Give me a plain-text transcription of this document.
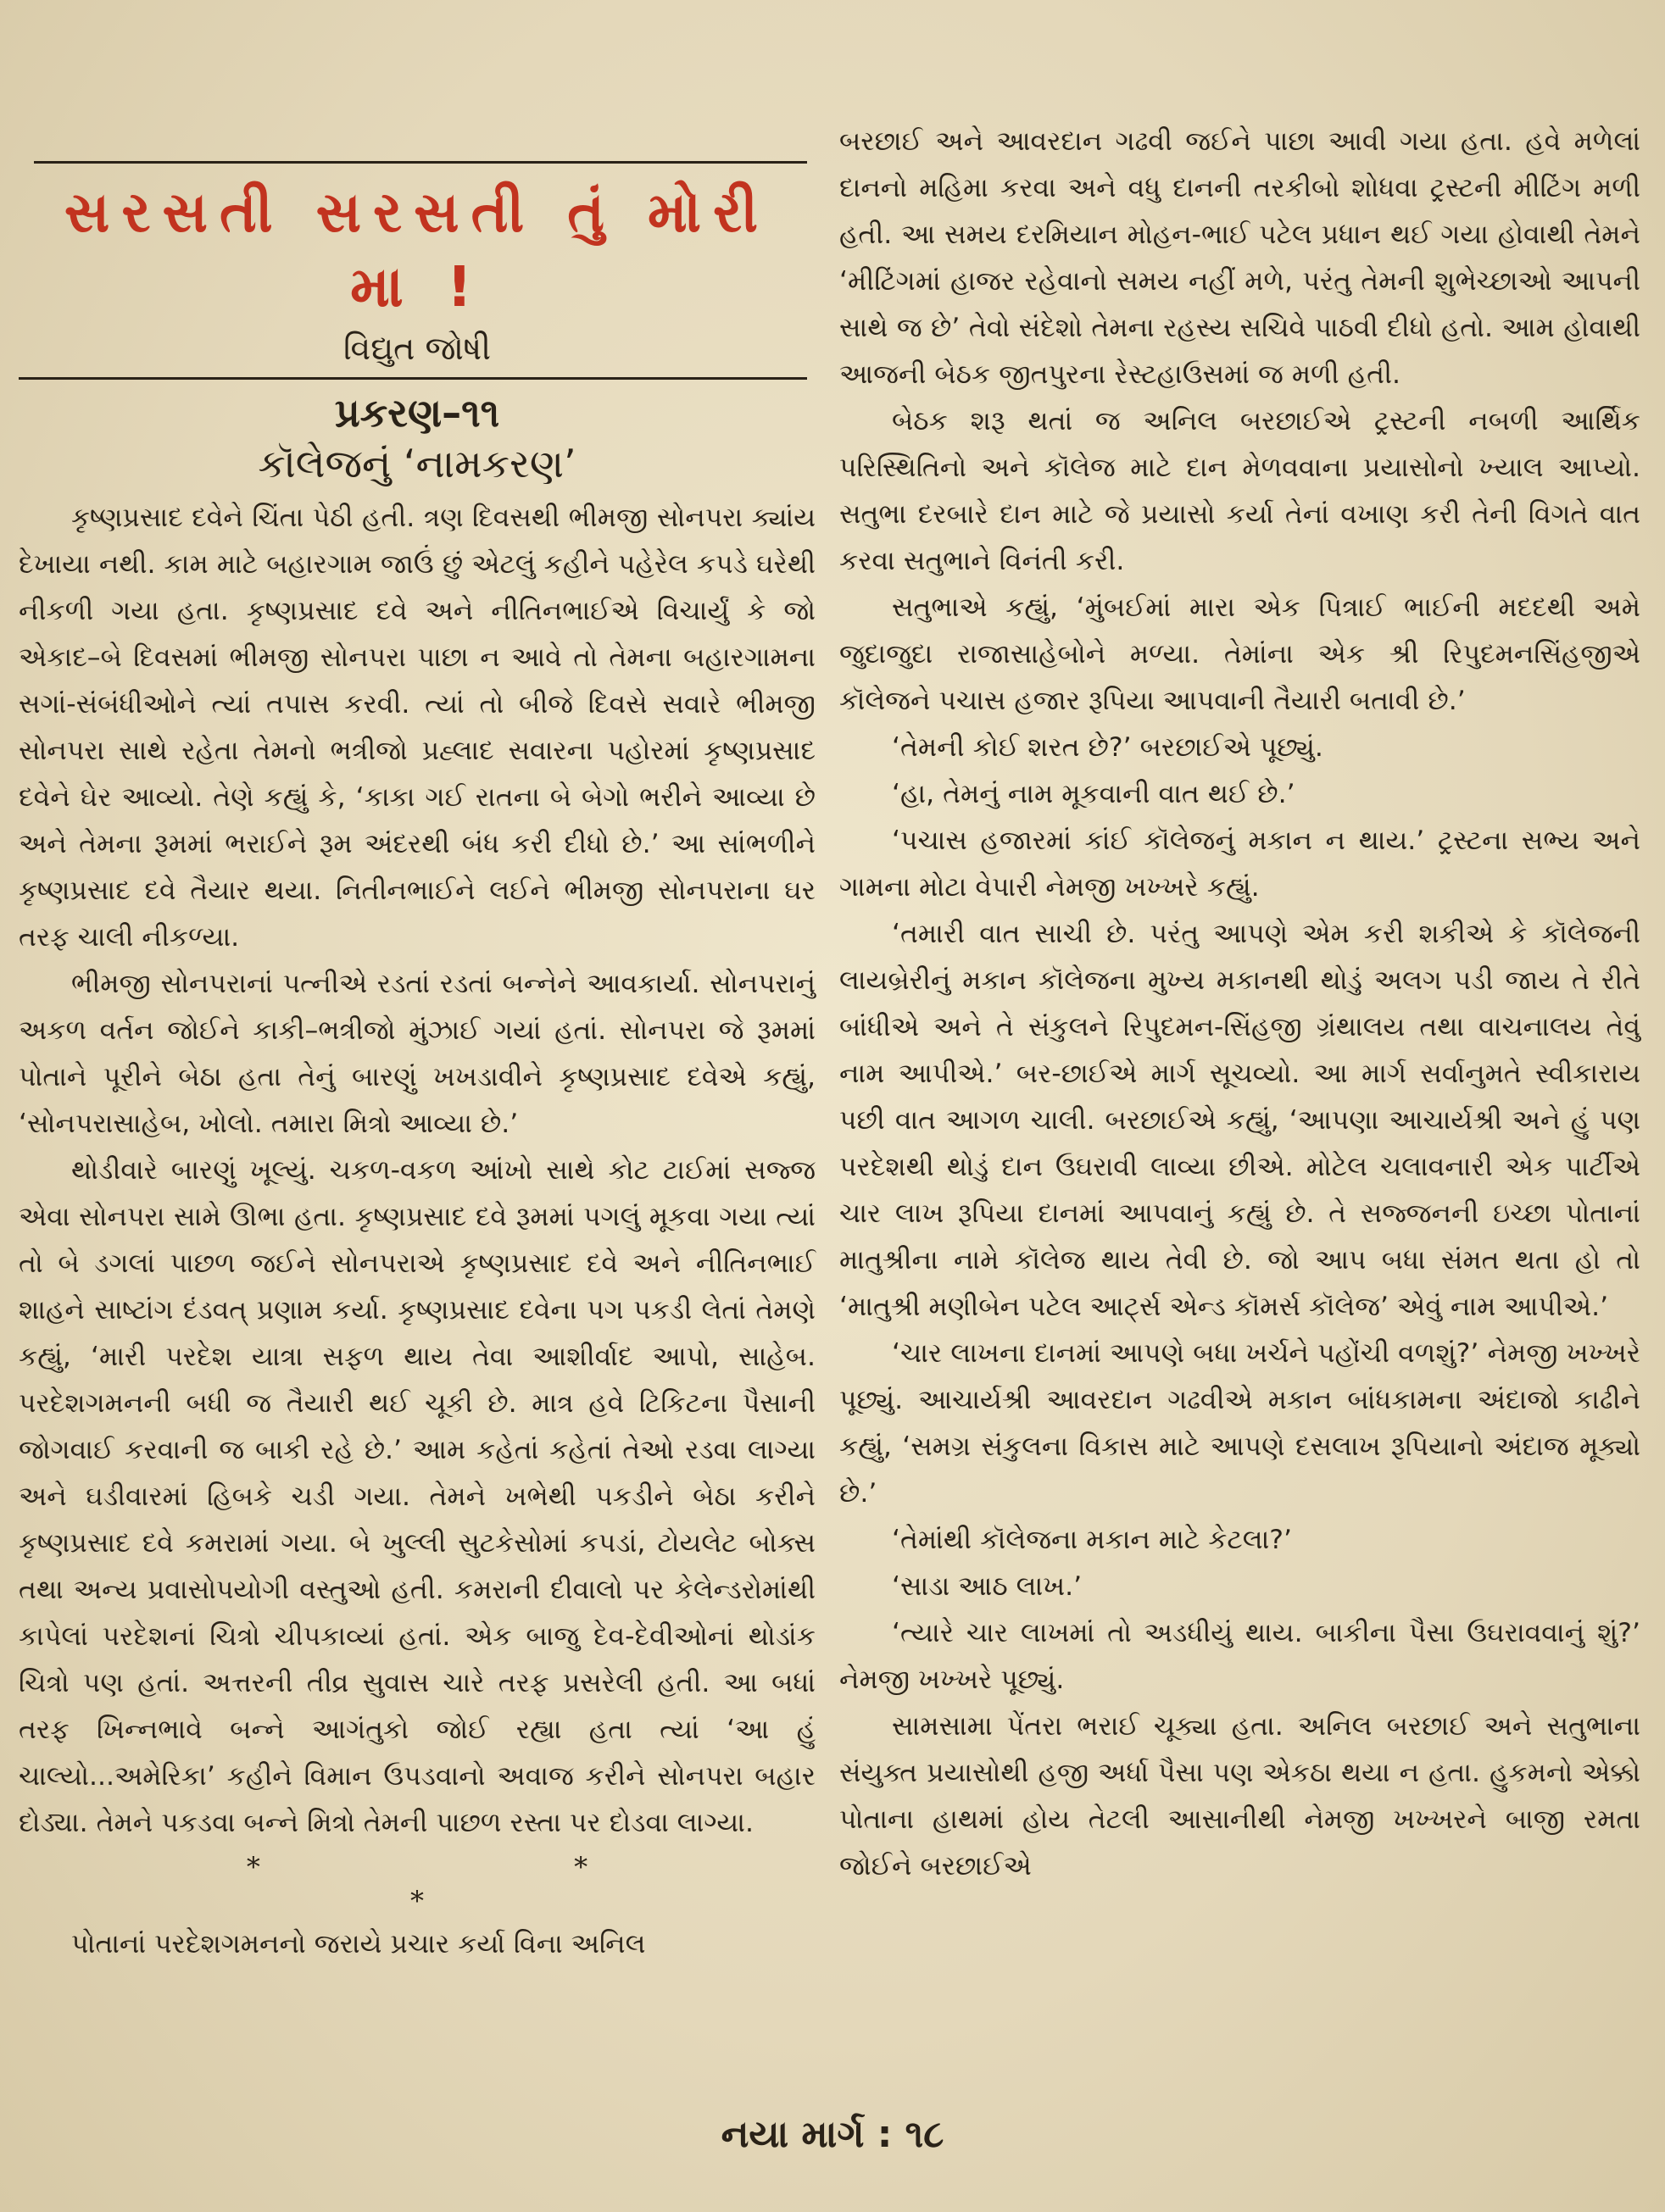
સરસતી સરસતી તું મોરી મા !
વિદ્યુત જોષી
પ્રકરણ–૧૧
કૉલેજનું ‘નામકરણ’

કૃષ્ણપ્રસાદ દવેને ચિંતા પેઠી હતી. ત્રણ દિવસથી ભીમજી સોનપરા ક્યાંય દેખાયા નથી. કામ માટે બહારગામ જાઉં છું એટલું કહીને પહેરેલ કપડે ઘરેથી નીકળી ગયા હતા. કૃષ્ણપ્રસાદ દવે અને નીતિનભાઈએ વિચાર્યું કે જો એકાદ–બે દિવસમાં ભીમજી સોનપરા પાછા ન આવે તો તેમના બહારગામના સગાં-સંબંધીઓને ત્યાં તપાસ કરવી. ત્યાં તો બીજે દિવસે સવારે ભીમજી સોનપરા સાથે રહેતા તેમનો ભત્રીજો પ્રહ્લાદ સવારના પહોરમાં કૃષ્ણપ્રસાદ દવેને ઘેર આવ્યો. તેણે કહ્યું કે, ‘કાકા ગઈ રાતના બે બેગો ભરીને આવ્યા છે અને તેમના રૂમમાં ભરાઈને રૂમ અંદરથી બંધ કરી દીધો છે.’ આ સાંભળીને કૃષ્ણપ્રસાદ દવે તૈયાર થયા. નિતીનભાઈને લઈને ભીમજી સોનપરાના ઘર તરફ ચાલી નીકળ્યા.

ભીમજી સોનપરાનાં પત્નીએ રડતાં રડતાં બન્નેને આવકાર્યા. સોનપરાનું અકળ વર્તન જોઈને કાકી–ભત્રીજો મુંઝાઈ ગયાં હતાં. સોનપરા જે રૂમમાં પોતાને પૂરીને બેઠા હતા તેનું બારણું ખખડાવીને કૃષ્ણપ્રસાદ દવેએ કહ્યું, ‘સોનપરાસાહેબ, ખોલો. તમારા મિત્રો આવ્યા છે.’

થોડીવારે બારણું ખૂલ્યું. ચકળ-વકળ આંખો સાથે કોટ ટાઈમાં સજ્જ એવા સોનપરા સામે ઊભા હતા. કૃષ્ણપ્રસાદ દવે રૂમમાં પગલું મૂકવા ગયા ત્યાં તો બે ડગલાં પાછળ જઈને સોનપરાએ કૃષ્ણપ્રસાદ દવે અને નીતિનભાઈ શાહને સાષ્ટાંગ દંડવત્ પ્રણામ કર્યા. કૃષ્ણપ્રસાદ દવેના પગ પકડી લેતાં તેમણે કહ્યું, ‘મારી પરદેશ યાત્રા સફળ થાય તેવા આશીર્વાદ આપો, સાહેબ. પરદેશગમનની બધી જ તૈયારી થઈ ચૂકી છે. માત્ર હવે ટિકિટના પૈસાની જોગવાઈ કરવાની જ બાકી રહે છે.’ આમ કહેતાં કહેતાં તેઓ રડવા લાગ્યા અને ઘડીવારમાં હિબકે ચડી ગયા. તેમને ખભેથી પકડીને બેઠા કરીને કૃષ્ણપ્રસાદ દવે કમરામાં ગયા. બે ખુલ્લી સુટકેસોમાં કપડાં, ટોયલેટ બોક્સ તથા અન્ય પ્રવાસોપયોગી વસ્તુઓ હતી. કમરાની દીવાલો પર કેલેન્ડરોમાંથી કાપેલાં પરદેશનાં ચિત્રો ચીપકાવ્યાં હતાં. એક બાજુ દેવ-દેવીઓનાં થોડાંક ચિત્રો પણ હતાં. અત્તરની તીવ્ર સુવાસ ચારે તરફ પ્રસરેલી હતી. આ બધાં તરફ ખિન્નભાવે બન્ને આગંતુકો જોઈ રહ્યા હતા ત્યાં ‘આ હું ચાલ્યો...અમેરિકા’ કહીને વિમાન ઉપડવાનો અવાજ કરીને સોનપરા બહાર દોડ્યા. તેમને પકડવા બન્ને મિત્રો તેમની પાછળ રસ્તા પર દોડવા લાગ્યા.

* * *

પોતાનાં પરદેશગમનનો જરાયે પ્રચાર કર્યા વિના અનિલ

બરછાઈ અને આવરદાન ગઢવી જઈને પાછા આવી ગયા હતા. હવે મળેલાં દાનનો મહિમા કરવા અને વધુ દાનની તરકીબો શોધવા ટ્રસ્ટની મીટિંગ મળી હતી. આ સમય દરમિયાન મોહન-ભાઈ પટેલ પ્રધાન થઈ ગયા હોવાથી તેમને ‘મીટિંગમાં હાજર રહેવાનો સમય નહીં મળે, પરંતુ તેમની શુભેચ્છાઓ આપની સાથે જ છે’ તેવો સંદેશો તેમના રહસ્ય સચિવે પાઠવી દીધો હતો. આમ હોવાથી આજની બેઠક જીતપુરના રેસ્ટહાઉસમાં જ મળી હતી.

બેઠક શરૂ થતાં જ અનિલ બરછાઈએ ટ્રસ્ટની નબળી આર્થિક પરિસ્થિતિનો અને કૉલેજ માટે દાન મેળવવાના પ્રયાસોનો ખ્યાલ આપ્યો. સતુભા દરબારે દાન માટે જે પ્રયાસો કર્યા તેનાં વખાણ કરી તેની વિગતે વાત કરવા સતુભાને વિનંતી કરી.

સતુભાએ કહ્યું, ‘મુંબઈમાં મારા એક પિત્રાઈ ભાઈની મદદથી અમે જુદાજુદા રાજાસાહેબોને મળ્યા. તેમાંના એક શ્રી રિપુદમનસિંહજીએ કૉલેજને પચાસ હજાર રૂપિયા આપવાની તૈયારી બતાવી છે.’

‘તેમની કોઈ શરત છે?’ બરછાઈએ પૂછ્યું.

‘હા, તેમનું નામ મૂકવાની વાત થઈ છે.’

‘પચાસ હજારમાં કાંઈ કૉલેજનું મકાન ન થાય.’ ટ્રસ્ટના સભ્ય અને ગામના મોટા વેપારી નેમજી ખખ્ખરે કહ્યું.

‘તમારી વાત સાચી છે. પરંતુ આપણે એમ કરી શકીએ કે કૉલેજની લાયબ્રેરીનું મકાન કૉલેજના મુખ્ય મકાનથી થોડું અલગ પડી જાય તે રીતે બાંધીએ અને તે સંકુલને રિપુદમન-સિંહજી ગ્રંથાલય તથા વાચનાલય તેવું નામ આપીએ.’ બર-છાઈએ માર્ગ સૂચવ્યો. આ માર્ગ સર્વાનુમતે સ્વીકારાય પછી વાત આગળ ચાલી. બરછાઈએ કહ્યું, ‘આપણા આચાર્યશ્રી અને હું પણ પરદેશથી થોડું દાન ઉઘરાવી લાવ્યા છીએ. મોટેલ ચલાવનારી એક પાર્ટીએ ચાર લાખ રૂપિયા દાનમાં આપવાનું કહ્યું છે. તે સજ્જનની ઇચ્છા પોતાનાં માતુશ્રીના નામે કૉલેજ થાય તેવી છે. જો આપ બધા સંમત થતા હો તો ‘માતુશ્રી મણીબેન પટેલ આર્ટ્સ એન્ડ કૉમર્સ કૉલેજ’ એવું નામ આપીએ.’

‘ચાર લાખના દાનમાં આપણે બધા ખર્ચને પહોંચી વળશું?’ નેમજી ખખ્ખરે પૂછ્યું. આચાર્યશ્રી આવરદાન ગઢવીએ મકાન બાંધકામના અંદાજો કાઢીને કહ્યું, ‘સમગ્ર સંકુલના વિકાસ માટે આપણે દસલાખ રૂપિયાનો અંદાજ મૂક્યો છે.’

‘તેમાંથી કૉલેજના મકાન માટે કેટલા?’

‘સાડા આઠ લાખ.’

‘ત્યારે ચાર લાખમાં તો અડધીયું થાય. બાકીના પૈસા ઉઘરાવવાનું શું?’ નેમજી ખખ્ખરે પૂછ્યું.

સામસામા પેંતરા ભરાઈ ચૂક્યા હતા. અનિલ બરછાઈ અને સતુભાના સંયુક્ત પ્રયાસોથી હજી અર્ધા પૈસા પણ એકઠા થયા ન હતા. હુકમનો એક્કો પોતાના હાથમાં હોય તેટલી આસાનીથી નેમજી ખખ્ખરને બાજી રમતા જોઈને બરછાઈએ

નયા માર્ગ : ૧૮
